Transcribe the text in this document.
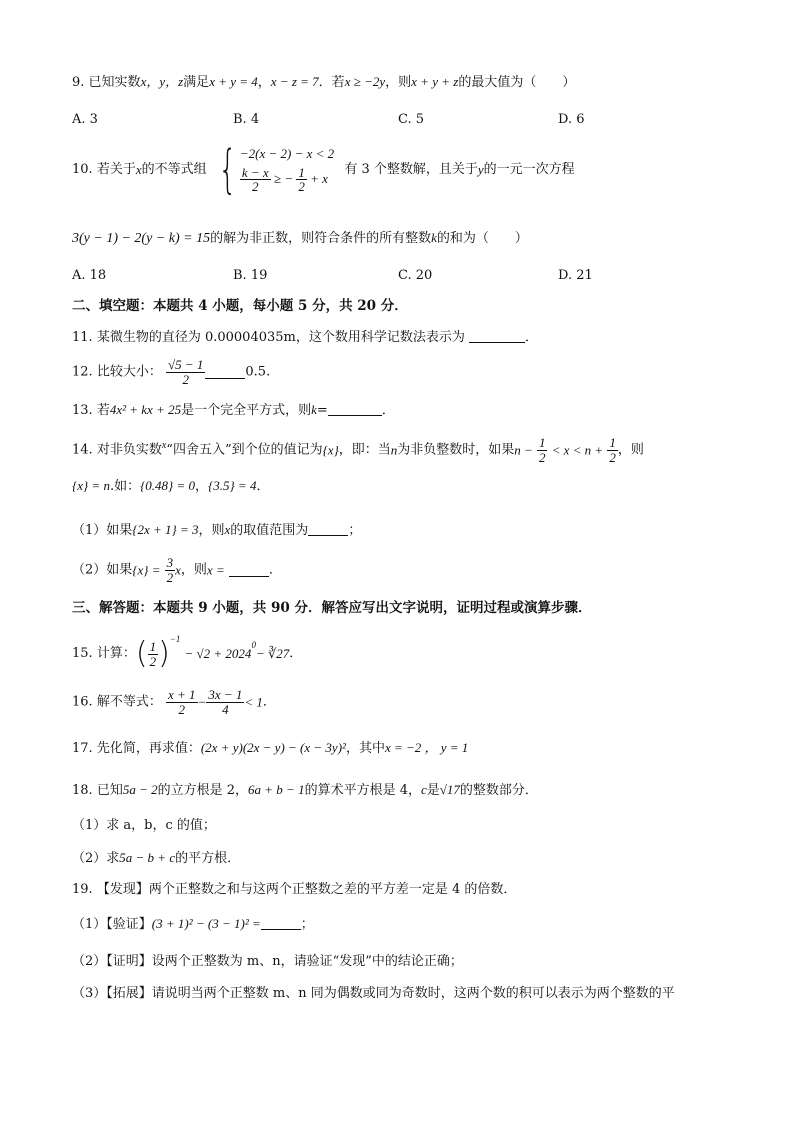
9. 已知实数x，y，z满足x + y = 4，x − z = 7．若x ≥ −2y，则x + y + z的最大值为（　　）
A. 3	B. 4	C. 5	D. 6
10. 若关于x的不等式组 { −2(x − 2) − x < 2
$\frac{k - x}{2}$ ≥ − $\frac{1}{2} + x$
有 3 个整数解，且关于y的一元一次方程
3(y − 1) − 2(y − k) = 15的解为非正数，则符合条件的所有整数k的和为（　　）
A. 18	B. 19	C. 20	D. 21
二、填空题：本题共 4 小题，每小题 5 分，共 20 分．
11. 某微生物的直径为 0.00004035m，这个数用科学记数法表示为	．
12. 比较大小： $\frac{√5 - 1}{2}$	0.5.
13. 若4x² + kx + 25是一个完全平方式，则k=	．
14. 对非负实数$^x$“四舍五入”到个位的值记为{x}，即：当n为非负整数时，如果$n - \frac{1}{2} < x < n + \frac{1}{2}$ ，则
{x} = n.如：{0.48} = 0，{3.5} = 4．
（1）如果{2x + 1} = 3，则x的取值范围为	；
（2）如果$\{x\} = \frac{3}{2}$ x，则x =	．
三、解答题：本题共 9 小题，共 90 分．解答应写出文字说明，证明过程或演算步骤．
15. 计算：( $\frac{1}{2} )^{-1} - √2 + 2024^0-$ ∛27．
16. 解不等式： $\frac{x + 1}{2} - \frac{3x - 1}{4} < 1$．
17. 先化简，再求值：(2x + y)(2x − y) − (x − 3y)²，其中x = −2 ， y = 1
18. 已知5a − 2的立方根是 2，6a + b − 1的算术平方根是 4，c是√17的整数部分．
（1）求 a，b，c 的值；
（2）求5a − b + c的平方根．
19. 【发现】两个正整数之和与这两个正整数之差的平方差一定是 4 的倍数．
（1）【验证】(3 + 1)² − (3 − 1)² =	；
（2）【证明】设两个正整数为 m、n，请验证“发现”中的结论正确；
（3）【拓展】请说明当两个正整数 m、n 同为偶数或同为奇数时，这两个数的积可以表示为两个整数的平
